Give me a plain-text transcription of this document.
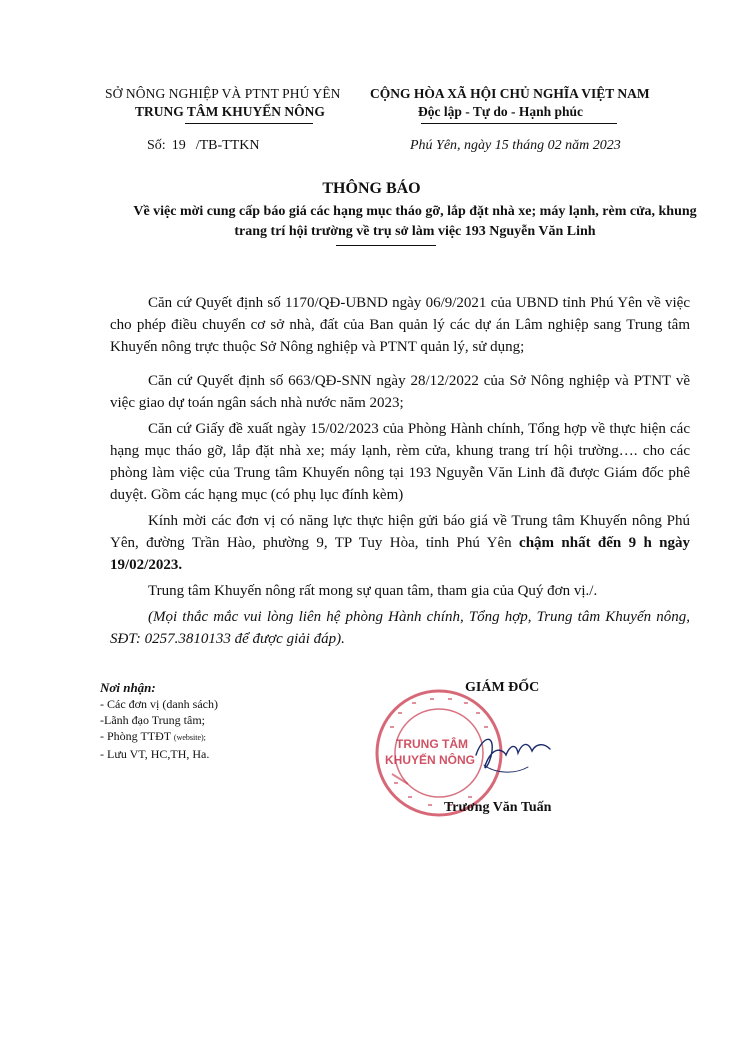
SỞ NÔNG NGHIỆP VÀ PTNT PHÚ YÊN
TRUNG TÂM KHUYẾN NÔNG
CỘNG HÒA XÃ HỘI CHỦ NGHĨA VIỆT NAM
Độc lập - Tự do - Hạnh phúc
Số: 19 /TB-TTKN	Phú Yên, ngày 15 tháng 02 năm 2023
THÔNG BÁO
Về việc mời cung cấp báo giá các hạng mục tháo gỡ, lắp đặt nhà xe; máy lạnh, rèm cửa, khung trang trí hội trường về trụ sở làm việc 193 Nguyễn Văn Linh

Căn cứ Quyết định số 1170/QĐ-UBND ngày 06/9/2021 của UBND tỉnh Phú Yên về việc cho phép điều chuyển cơ sở nhà, đất của Ban quản lý các dự án Lâm nghiệp sang Trung tâm Khuyến nông trực thuộc Sở Nông nghiệp và PTNT quản lý, sử dụng;

Căn cứ Quyết định số 663/QĐ-SNN ngày 28/12/2022 của Sở Nông nghiệp và PTNT về việc giao dự toán ngân sách nhà nước năm 2023;

Căn cứ Giấy đề xuất ngày 15/02/2023 của Phòng Hành chính, Tổng hợp về thực hiện các hạng mục tháo gỡ, lắp đặt nhà xe; máy lạnh, rèm cửa, khung trang trí hội trường…. cho các phòng làm việc của Trung tâm Khuyến nông tại 193 Nguyễn Văn Linh đã được Giám đốc phê duyệt. Gồm các hạng mục (có phụ lục đính kèm)

Kính mời các đơn vị có năng lực thực hiện gửi báo giá về Trung tâm Khuyến nông Phú Yên, đường Trần Hào, phường 9, TP Tuy Hòa, tỉnh Phú Yên chậm nhất đến 9 h ngày 19/02/2023.

Trung tâm Khuyến nông rất mong sự quan tâm, tham gia của Quý đơn vị./.

(Mọi thắc mắc vui lòng liên hệ phòng Hành chính, Tổng hợp, Trung tâm Khuyến nông, SĐT: 0257.3810133 để được giải đáp).

Nơi nhận:
- Các đơn vị (danh sách)
-Lãnh đạo Trung tâm;
- Phòng TTĐT (website);
- Lưu VT, HC,TH, Ha.
GIÁM ĐỐC
TRUNG TÂM
KHUYẾN NÔNG
Trương Văn Tuấn
